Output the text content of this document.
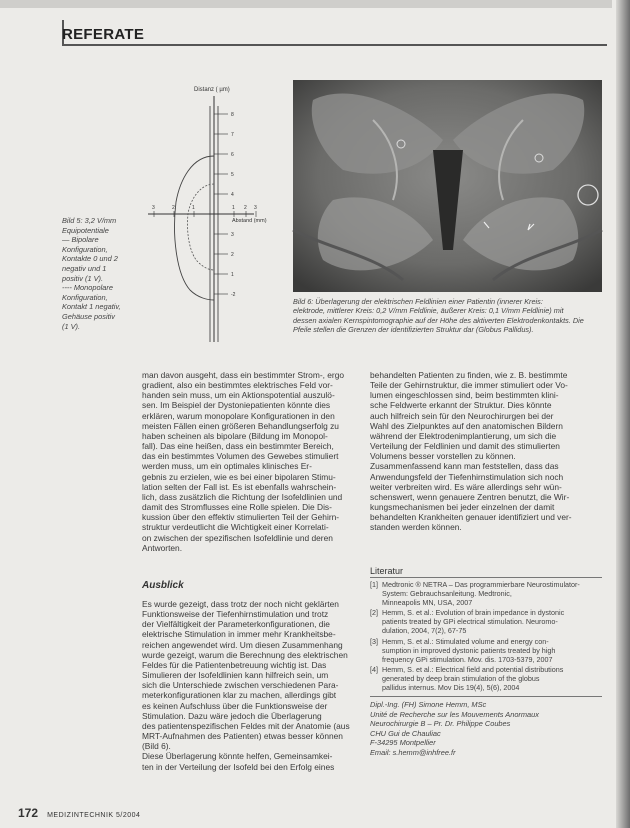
REFERATE
Bild 5: 3,2 V/mm
Equipotentiale
— Bipolare
Konfiguration,
Kontakte 0 und 2
negativ und 1
positiv (1 V).
---- Monopolare
Konfiguration,
Kontakt 1 negativ,
Gehäuse positiv
(1 V).
Distanz ( µm)
Abstand (mm)
-2
1
2
3
4
5
6
7
8
3	2	1	1 2 3
Bild 6: Überlagerung der elektrischen Feldlinien einer Patientin (innerer Kreis:
elektrode, mittlerer Kreis: 0,2 V/mm Feldlinie, äußerer Kreis: 0,1 V/mm Feldlinie) mit
dessen axialen Kernspintomographie auf der Höhe des aktiverten Elektrodenkontakts. Die
Pfeile stellen die Grenzen der identifizierten Struktur dar (Globus Pallidus).
man davon ausgeht, dass ein bestimmter Strom-, ergo
gradient, also ein bestimmtes elektrisches Feld vor-
handen sein muss, um ein Aktionspotential auszulö-
sen. Im Beispiel der Dystoniepatienten könnte dies
erklären, warum monopolare Konfigurationen in den
meisten Fällen einen größeren Behandlungserfolg zu
haben scheinen als bipolare (Bildung im Monopol-
fall). Das eine heißen, dass ein bestimmter Bereich,
das ein bestimmtes Volumen des Gewebes stimuliert
werden muss, um ein optimales klinisches Er-
gebnis zu erzielen, wie es bei einer bipolaren Stimu-
lation selten der Fall ist. Es ist ebenfalls wahrschein-
lich, dass zusätzlich die Richtung der Isofeldlinien und
damit des Stromflusses eine Rolle spielen. Die Dis-
kussion über den effektiv stimulierten Teil der Gehirn-
struktur verdeutlicht die Wichtigkeit einer Korrelati-
on zwischen der spezifischen Isofeldlinie und deren
Antworten.
Ausblick
Es wurde gezeigt, dass trotz der noch nicht geklärten
Funktionsweise der Tiefenhirnstimulation und trotz
der Vielfältigkeit der Parameterkonfigurationen, die
elektrische Stimulation in immer mehr Krankheitsbe-
reichen angewendet wird. Um diesen Zusammenhang
wurde gezeigt, warum die Berechnung des elektrischen
Feldes für die Patientenbetreuung wichtig ist. Das
Simulieren der Isofeldlinien kann hilfreich sein, um
sich die Unterschiede zwischen verschiedenen Para-
meterkonfigurationen klar zu machen, allerdings gibt
es keinen Aufschluss über die Funktionsweise der
Stimulation. Dazu wäre jedoch die Überlagerung
des patientenspezifischen Feldes mit der Anatomie (aus
MRT-Aufnahmen des Patienten) etwas besser können
(Bild 6).
Diese Überlagerung könnte helfen, Gemeinsamkei-
ten in der Verteilung der Isofeld bei den Erfolg eines
behandelten Patienten zu finden, wie z. B. bestimmte
Teile der Gehirnstruktur, die immer stimuliert oder Vo-
lumen eingeschlossen sind, beim bestimmten klini-
sche Feldwerte erkannt der Struktur. Dies könnte
auch hilfreich sein für den Neurochirurgen bei der
Wahl des Zielpunktes auf den anatomischen Bildern
während der Elektrodenimplantierung, um sich die
Verteilung der Feldlinien und damit des stimulierten
Volumens besser vorstellen zu können.
Zusammenfassend kann man feststellen, dass das
Anwendungsfeld der Tiefenhirnstimulation sich noch
weiter verbreiten wird. Es wäre allerdings sehr wün-
schenswert, wenn genauere Zentren benutzt, die Wir-
kungsmechanismen bei jeder einzelnen der damit
behandelten Krankheiten genauer identifiziert und ver-
standen werden können.
Literatur
[1] Medtronic ® NETRA – Das programmierbare Neurostimulator-
System: Gebrauchsanleitung. Medtronic,
Minneapolis MN, USA, 2007
[2] Hemm, S. et al.: Evolution of brain impedance in dystonic
patients treated by GPi electrical stimulation. Neuromo-
dulation, 2004, 7(2), 67-75
[3] Hemm, S. et al.: Stimulated volume and energy con-
sumption in improved dystonic patients treated by high
frequency GPi stimulation. Mov. dis. 1703-5379, 2007
[4] Hemm, S. et al.: Electrical field and potential distributions
generated by deep brain stimulation of the globus
pallidus internus. Mov Dis 19(4), 5(6), 2004
Dipl.-Ing. (FH) Simone Hemm, MSc
Unité de Recherche sur les Mouvements Anormaux
Neurochirurgie B – Pr. Dr. Philippe Coubes
CHU Gui de Chauliac
F-34295 Montpellier
Email: s.hemm@inhfree.fr
172 MEDIZINTECHNIK 5/2004
